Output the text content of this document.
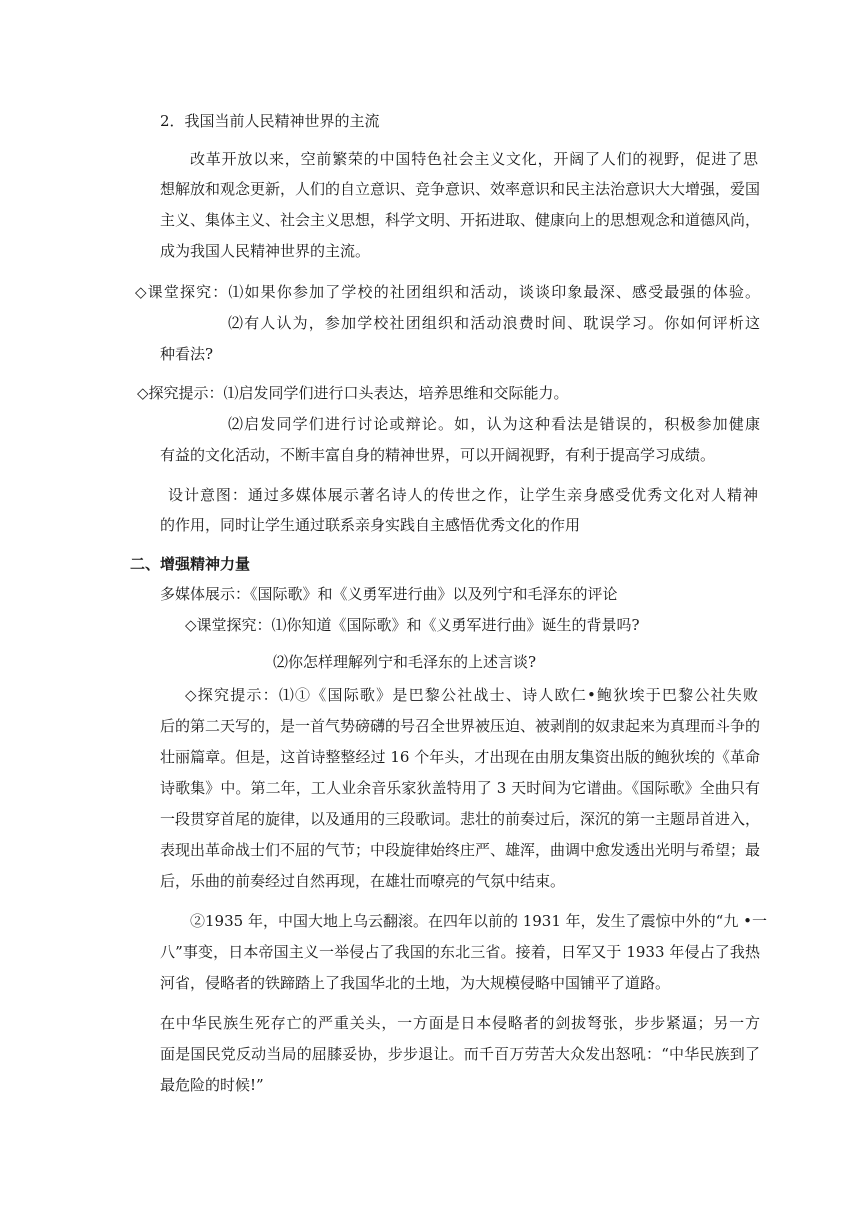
2．我国当前人民精神世界的主流
改革开放以来，空前繁荣的中国特色社会主义文化，开阔了人们的视野，促进了思
想解放和观念更新，人们的自立意识、竞争意识、效率意识和民主法治意识大大增强，爱国
主义、集体主义、社会主义思想，科学文明、开拓进取、健康向上的思想观念和道德风尚，
成为我国人民精神世界的主流。
◇课堂探究：⑴如果你参加了学校的社团组织和活动，谈谈印象最深、感受最强的体验。
⑵有人认为，参加学校社团组织和活动浪费时间、耽误学习。你如何评析这
种看法?
◇探究提示：⑴启发同学们进行口头表达，培养思维和交际能力。
⑵启发同学们进行讨论或辩论。如，认为这种看法是错误的，积极参加健康
有益的文化活动，不断丰富自身的精神世界，可以开阔视野，有利于提高学习成绩。
设计意图：通过多媒体展示著名诗人的传世之作，让学生亲身感受优秀文化对人精神
的作用，同时让学生通过联系亲身实践自主感悟优秀文化的作用
二、增强精神力量
多媒体展示：《国际歌》和《义勇军进行曲》以及列宁和毛泽东的评论
◇课堂探究：⑴你知道《国际歌》和《义勇军进行曲》诞生的背景吗?
⑵你怎样理解列宁和毛泽东的上述言谈?
◇探究提示：⑴①《国际歌》是巴黎公社战士、诗人欧仁•鲍狄埃于巴黎公社失败
后的第二天写的，是一首气势磅礴的号召全世界被压迫、被剥削的奴隶起来为真理而斗争的
壮丽篇章。但是，这首诗整整经过 16 个年头，才出现在由朋友集资出版的鲍狄埃的《革命
诗歌集》中。第二年，工人业余音乐家狄盖特用了 3 天时间为它谱曲。《国际歌》全曲只有
一段贯穿首尾的旋律，以及通用的三段歌词。悲壮的前奏过后，深沉的第一主题昂首进入，
表现出革命战士们不屈的气节；中段旋律始终庄严、雄浑，曲调中愈发透出光明与希望；最
后，乐曲的前奏经过自然再现，在雄壮而嘹亮的气氛中结束。
②1935 年，中国大地上乌云翻滚。在四年以前的 1931 年，发生了震惊中外的“九 •一
八”事变，日本帝国主义一举侵占了我国的东北三省。接着，日军又于 1933 年侵占了我热
河省，侵略者的铁蹄踏上了我国华北的土地，为大规模侵略中国铺平了道路。
在中华民族生死存亡的严重关头，一方面是日本侵略者的剑拔弩张，步步紧逼；另一方
面是国民党反动当局的屈膝妥协，步步退让。而千百万劳苦大众发出怒吼：“中华民族到了
最危险的时候!”
